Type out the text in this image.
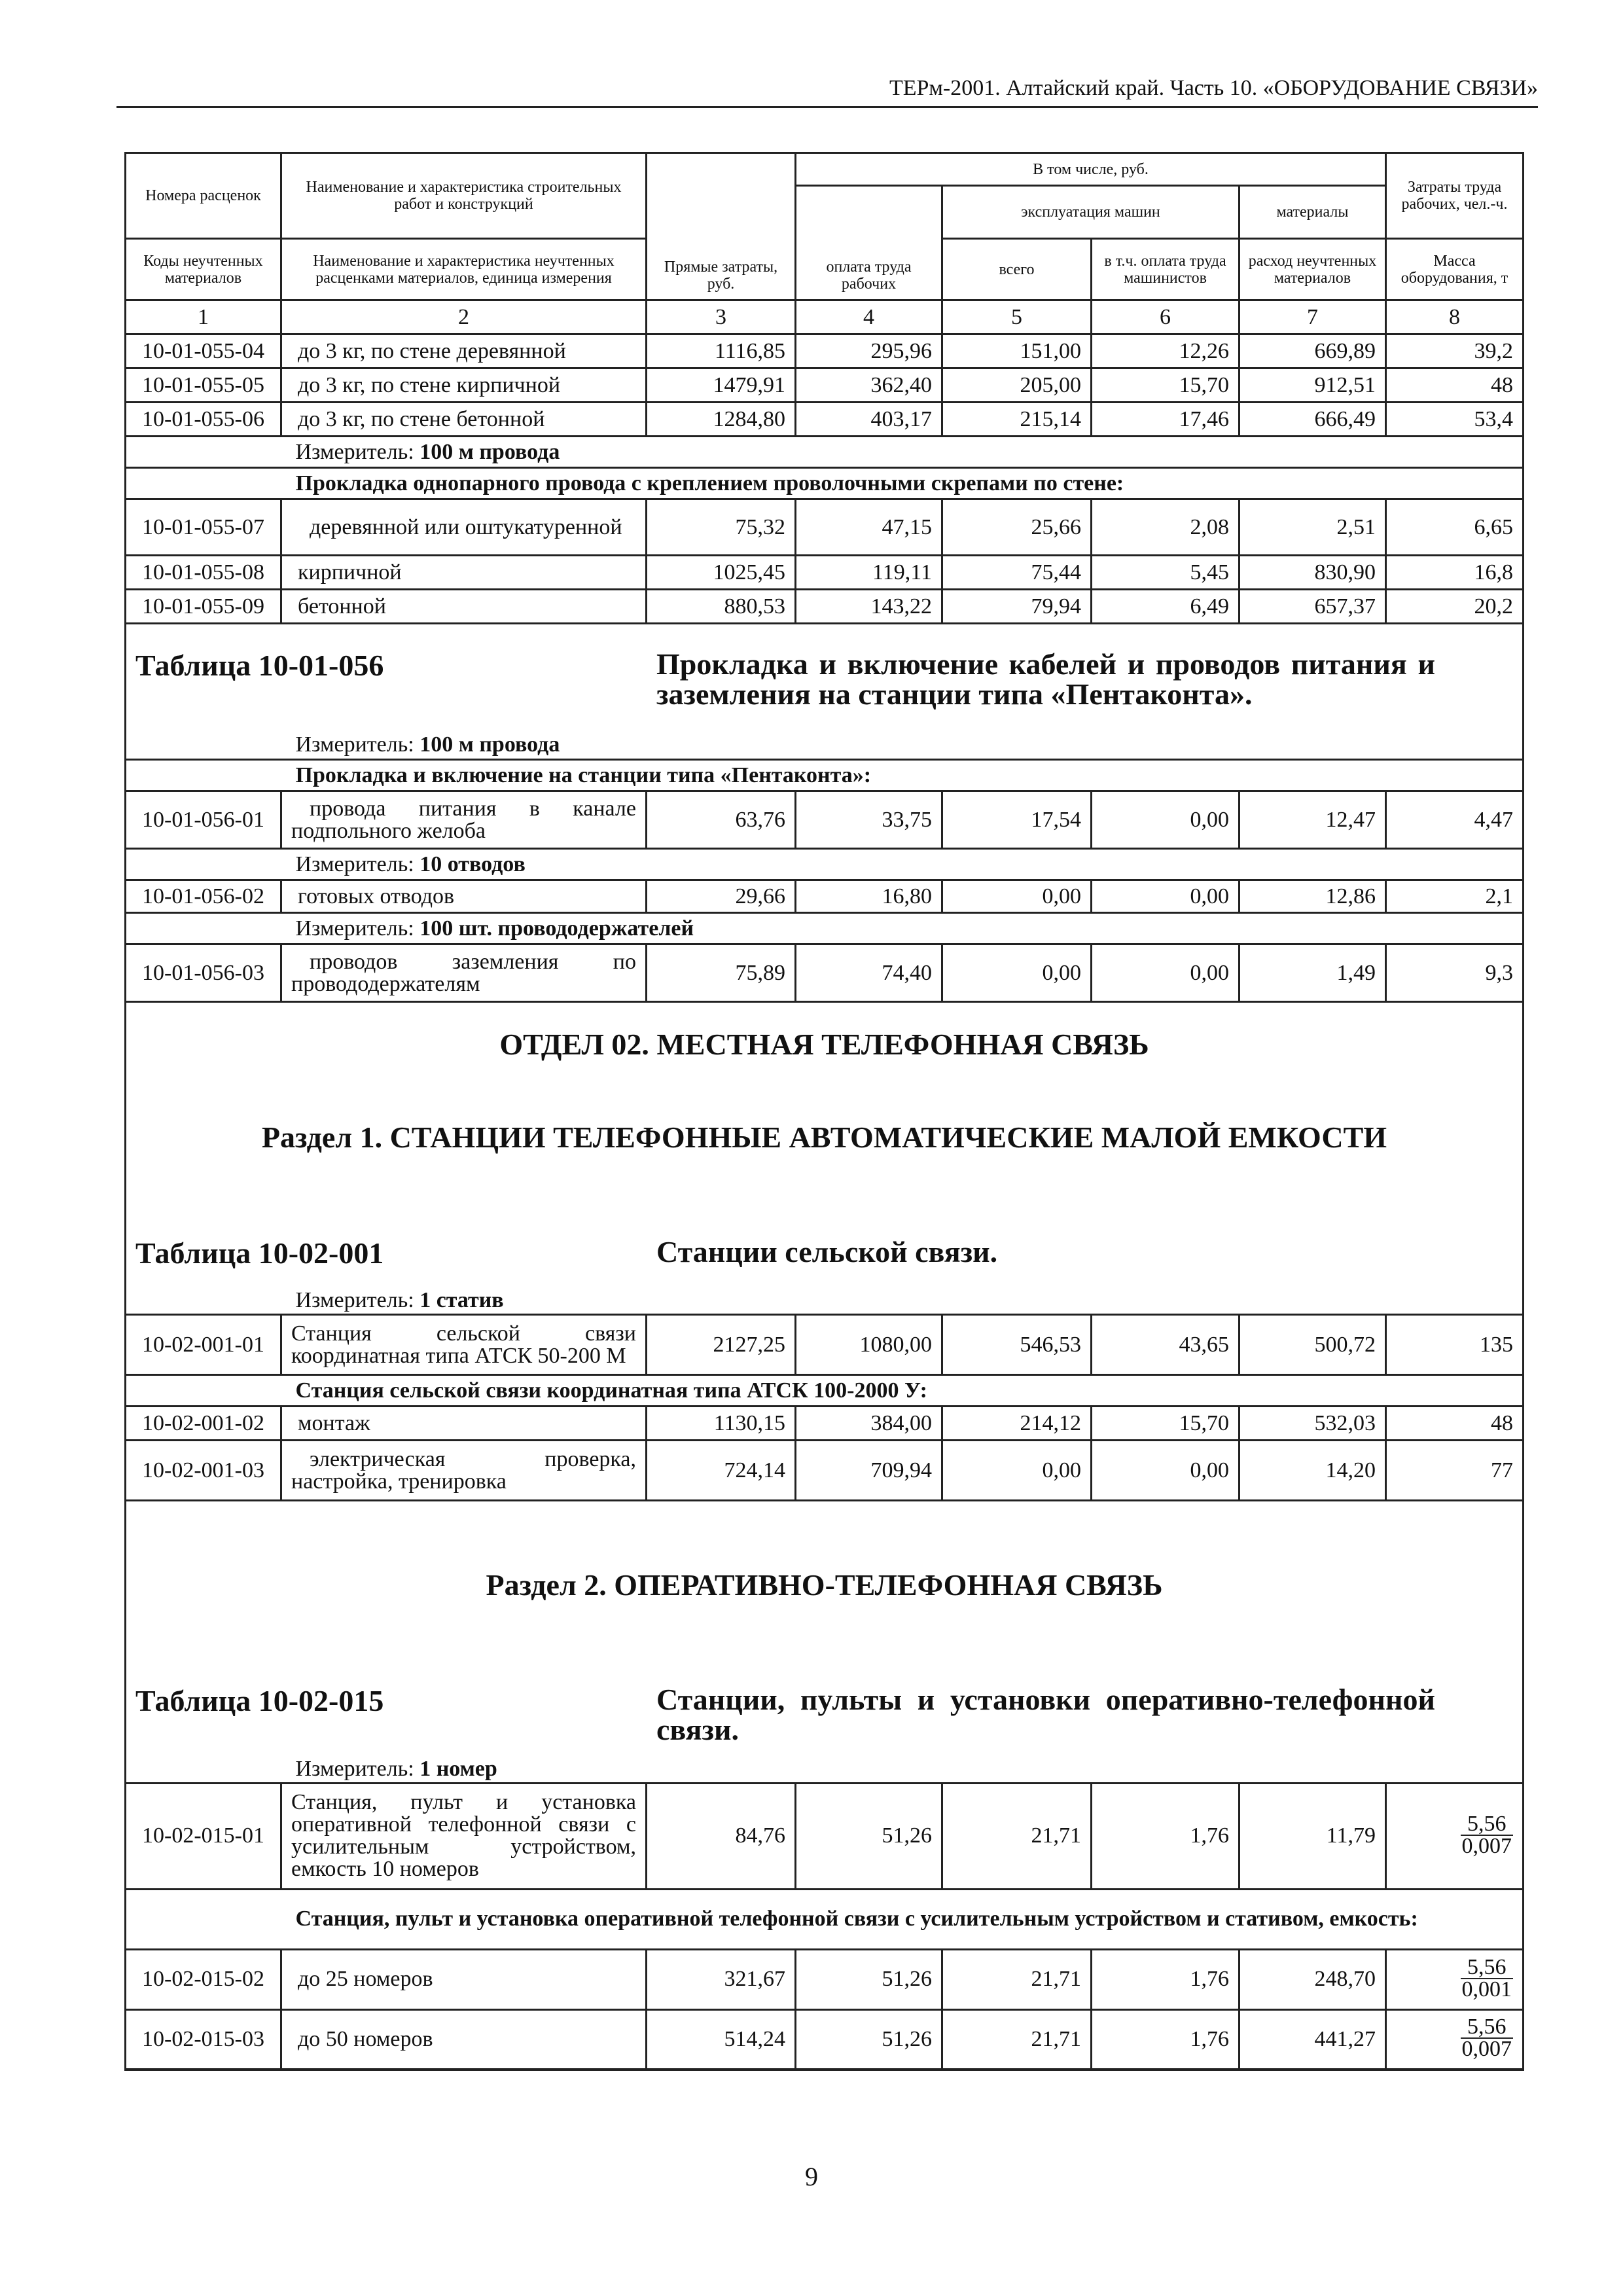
ТЕРм-2001. Алтайский край. Часть 10. «ОБОРУДОВАНИЕ СВЯЗИ»
Номера расценок	Наименование и характеристика строительных работ и конструкций	Прямые затраты, руб.	В том числе, руб.				Затраты труда рабочих, чел.-ч.
			оплата труда рабочих	эксплуатация машин		материалы	
Коды неучтенных материалов	Наименование и характеристика неучтенных расценками материалов, единица измерения			всего	в т.ч. оплата труда машинистов	расход неучтенных материалов	Масса оборудования, т
1	2	3	4	5	6	7	8
10-01-055-04	до 3 кг, по стене деревянной	1116,85	295,96	151,00	12,26	669,89	39,2
10-01-055-05	до 3 кг, по стене кирпичной	1479,91	362,40	205,00	15,70	912,51	48
10-01-055-06	до 3 кг, по стене бетонной	1284,80	403,17	215,14	17,46	666,49	53,4
	Измеритель: 100 м провода						
	Прокладка однопарного провода с креплением проволочными скрепами по стене:						
10-01-055-07	деревянной или оштукатуренной	75,32	47,15	25,66	2,08	2,51	6,65
10-01-055-08	кирпичной	1025,45	119,11	75,44	5,45	830,90	16,8
10-01-055-09	бетонной	880,53	143,22	79,94	6,49	657,37	20,2

Таблица 10-01-056 Прокладка и включение кабелей и проводов питания и заземления на станции типа «Пентаконта».							

	Измеритель: 100 м провода						
	Прокладка и включение на станции типа «Пентаконта»:						
10-01-056-01	провода питания в канале подпольного желоба	63,76	33,75	17,54	0,00	12,47	4,47
	Измеритель: 10 отводов						
10-01-056-02	готовых отводов	29,66	16,80	0,00	0,00	12,86	2,1
	Измеритель: 100 шт. провододержателей						
10-01-056-03	проводов заземления по провододержателям	75,89	74,40	0,00	0,00	1,49	9,3

ОТДЕЛ 02. МЕСТНАЯ ТЕЛЕФОННАЯ СВЯЗЬ
Раздел 1. СТАНЦИИ ТЕЛЕФОННЫЕ АВТОМАТИЧЕСКИЕ МАЛОЙ ЕМКОСТИ
Таблица 10-02-001 Станции сельской связи.							

	Измеритель: 1 статив						
10-02-001-01	Станция сельской связи координатная типа АТСК 50-200 М	2127,25	1080,00	546,53	43,65	500,72	135
	Станция сельской связи координатная типа АТСК 100-2000 У:						
10-02-001-02	монтаж	1130,15	384,00	214,12	15,70	532,03	48
10-02-001-03	электрическая проверка, настройка, тренировка	724,14	709,94	0,00	0,00	14,20	77

Раздел 2. ОПЕРАТИВНО-ТЕЛЕФОННАЯ СВЯЗЬ
Таблица 10-02-015 Станции, пульты и установки оперативно-телефонной связи.							

	Измеритель: 1 номер						
10-02-015-01	Станция, пульт и установка оперативной телефонной связи с усилительным устройством, емкость 10 номеров	84,76	51,26	21,71	1,76	11,79	$\frac{5,56}{0,007}$

	Станция, пульт и установка оперативной телефонной связи с усилительным устройством и стативом, емкость:						
10-02-015-02	до 25 номеров	321,67	51,26	21,71	1,76	248,70	$\frac{5,56}{0,001}$

10-02-015-03	до 50 номеров	514,24	51,26	21,71	1,76	441,27	$\frac{5,56}{0,007}$
9
